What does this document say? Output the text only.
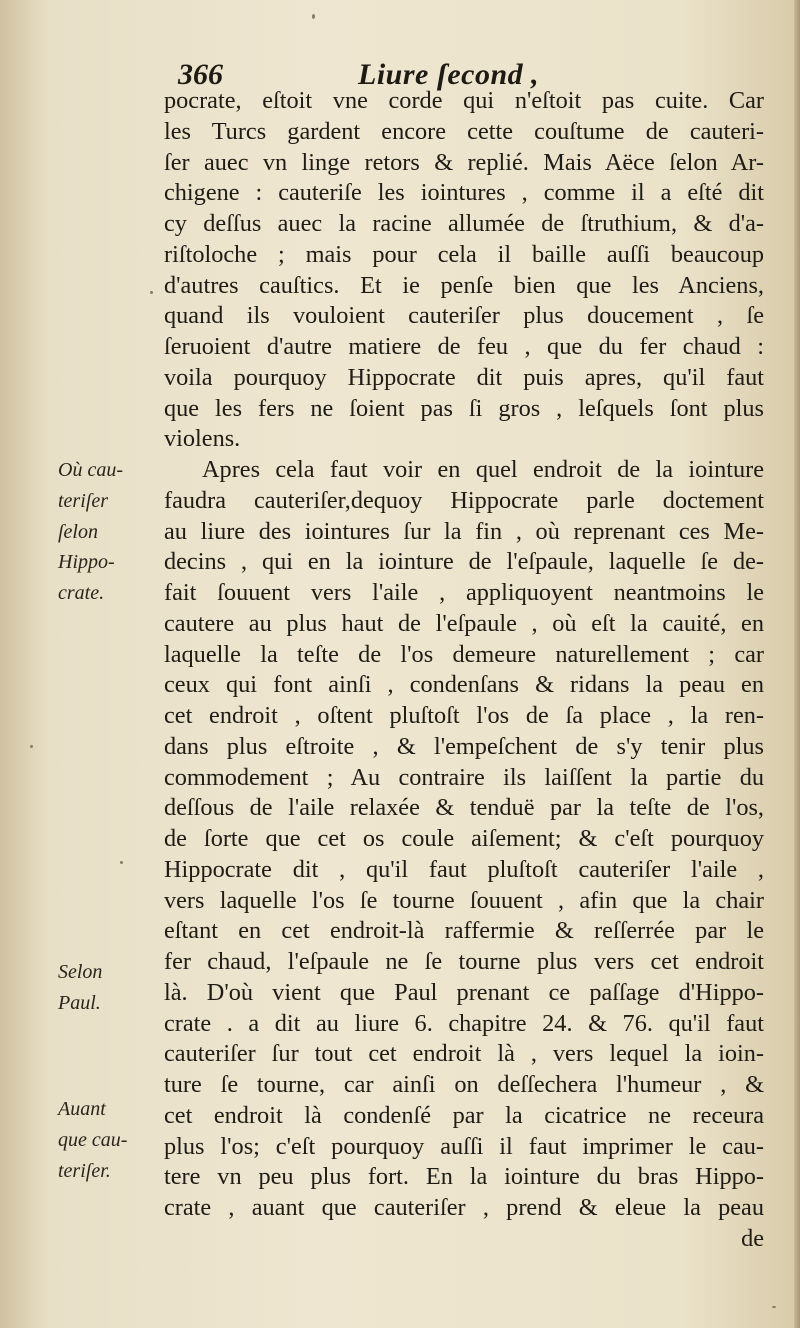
366	Liure ſecond ,
Où cau-
teriſer
ſelon
Hippo-
crate.
Selon
Paul.
Auant
que cau-
teriſer.
pocrate, eſtoit vne corde qui n'eſtoit pas cuite. Car
les Turcs gardent encore cette couſtume de cauteri-
ſer auec vn linge retors & replié. Mais Aëce ſelon Ar-
chigene : cauteriſe les iointures , comme il a eſté dit
cy deſſus auec la racine allumée de ſtruthium, & d'a-
riſtoloche ; mais pour cela il baille auſſi beaucoup
d'autres cauſtics. Et ie penſe bien que les Anciens,
quand ils vouloient cauteriſer plus doucement , ſe
ſeruoient d'autre matiere de feu , que du fer chaud :
voila pourquoy Hippocrate dit puis apres, qu'il faut
que les fers ne ſoient pas ſi gros , leſquels ſont plus
violens.
Apres cela faut voir en quel endroit de la iointure
faudra cauteriſer,dequoy Hippocrate parle doctement
au liure des iointures ſur la fin , où reprenant ces Me-
decins , qui en la iointure de l'eſpaule, laquelle ſe de-
fait ſouuent vers l'aile , appliquoyent neantmoins le
cautere au plus haut de l'eſpaule , où eſt la cauité, en
laquelle la teſte de l'os demeure naturellement ; car
ceux qui font ainſi , condenſans & ridans la peau en
cet endroit , oſtent pluſtoſt l'os de ſa place , la ren-
dans plus eſtroite , & l'empeſchent de s'y tenir plus
commodement ; Au contraire ils laiſſent la partie du
deſſous de l'aile relaxée & tenduë par la teſte de l'os,
de ſorte que cet os coule aiſement; & c'eſt pourquoy
Hippocrate dit , qu'il faut pluſtoſt cauteriſer l'aile ,
vers laquelle l'os ſe tourne ſouuent , afin que la chair
eſtant en cet endroit-là raffermie & reſſerrée par le
fer chaud, l'eſpaule ne ſe tourne plus vers cet endroit
là. D'où vient que Paul prenant ce paſſage d'Hippo-
crate . a dit au liure 6. chapitre 24. & 76. qu'il faut
cauteriſer ſur tout cet endroit là , vers lequel la ioin-
ture ſe tourne, car ainſi on deſſechera l'humeur , &
cet endroit là condenſé par la cicatrice ne receura
plus l'os; c'eſt pourquoy auſſi il faut imprimer le cau-
tere vn peu plus fort. En la iointure du bras Hippo-
crate , auant que cauteriſer , prend & eleue la peau
de
